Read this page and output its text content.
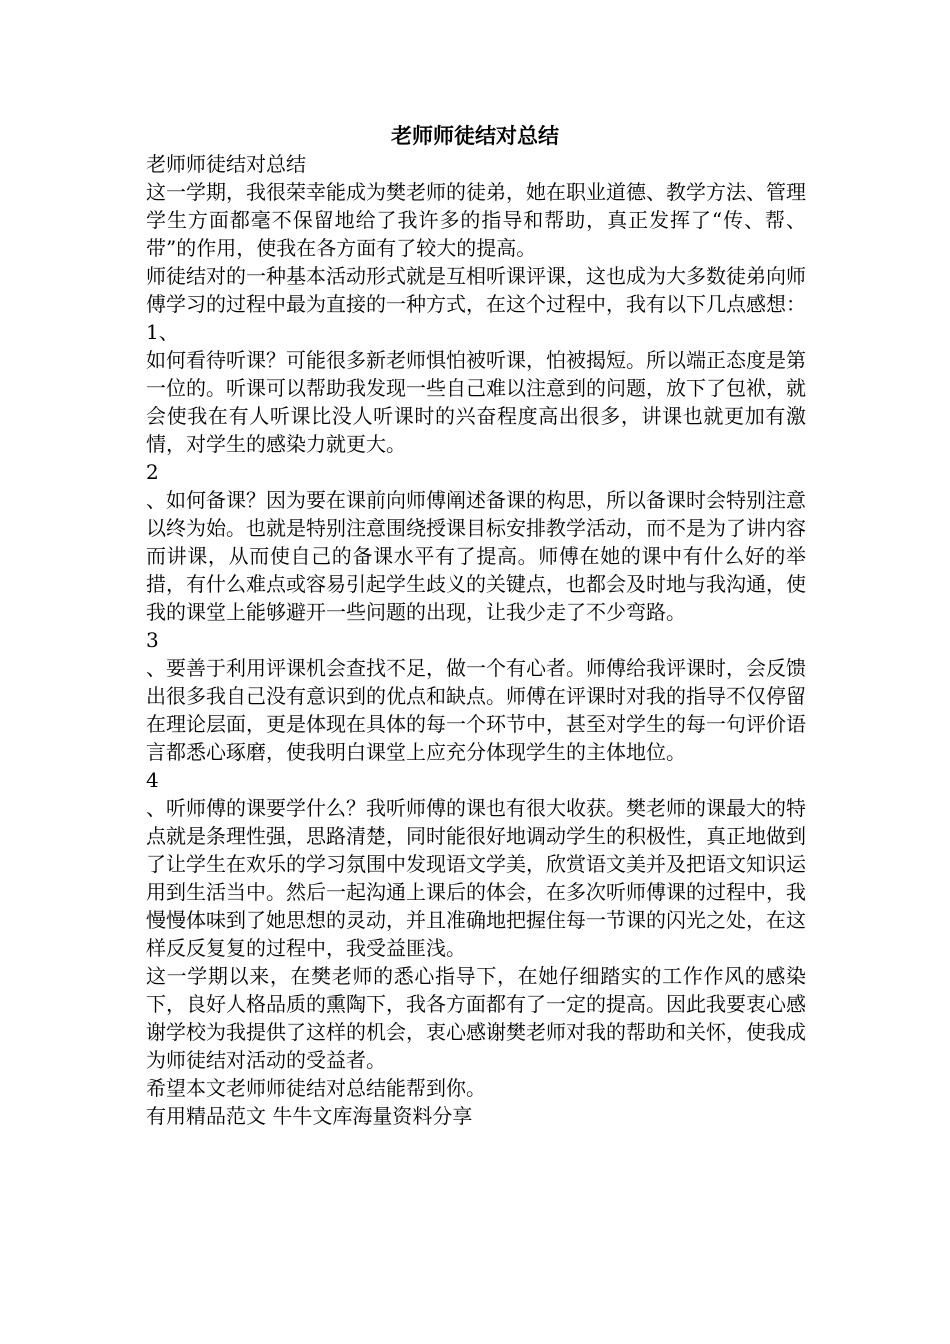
老师师徒结对总结

老师师徒结对总结

这一学期，我很荣幸能成为樊老师的徒弟，她在职业道德、教学方法、管理学生方面都毫不保留地给了我许多的指导和帮助，真正发挥了“传、帮、带”的作用，使我在各方面有了较大的提高。

师徒结对的一种基本活动形式就是互相听课评课，这也成为大多数徒弟向师傅学习的过程中最为直接的一种方式，在这个过程中，我有以下几点感想：

1、

如何看待听课？可能很多新老师惧怕被听课，怕被揭短。所以端正态度是第一位的。听课可以帮助我发现一些自己难以注意到的问题，放下了包袱，就会使我在有人听课比没人听课时的兴奋程度高出很多，讲课也就更加有激情，对学生的感染力就更大。

2

、如何备课？因为要在课前向师傅阐述备课的构思，所以备课时会特别注意以终为始。也就是特别注意围绕授课目标安排教学活动，而不是为了讲内容而讲课，从而使自己的备课水平有了提高。师傅在她的课中有什么好的举措，有什么难点或容易引起学生歧义的关键点，也都会及时地与我沟通，使我的课堂上能够避开一些问题的出现，让我少走了不少弯路。

3

、要善于利用评课机会查找不足，做一个有心者。师傅给我评课时，会反馈出很多我自己没有意识到的优点和缺点。师傅在评课时对我的指导不仅停留在理论层面，更是体现在具体的每一个环节中，甚至对学生的每一句评价语言都悉心琢磨，使我明白课堂上应充分体现学生的主体地位。

4

、听师傅的课要学什么？我听师傅的课也有很大收获。樊老师的课最大的特点就是条理性强，思路清楚，同时能很好地调动学生的积极性，真正地做到了让学生在欢乐的学习氛围中发现语文学美，欣赏语文美并及把语文知识运用到生活当中。然后一起沟通上课后的体会，在多次听师傅课的过程中，我慢慢体味到了她思想的灵动，并且准确地把握住每一节课的闪光之处，在这样反反复复的过程中，我受益匪浅。

这一学期以来，在樊老师的悉心指导下，在她仔细踏实的工作作风的感染下，良好人格品质的熏陶下，我各方面都有了一定的提高。因此我要衷心感谢学校为我提供了这样的机会，衷心感谢樊老师对我的帮助和关怀，使我成为师徒结对活动的受益者。

希望本文老师师徒结对总结能帮到你。

有用精品范文 牛牛文库海量资料分享
